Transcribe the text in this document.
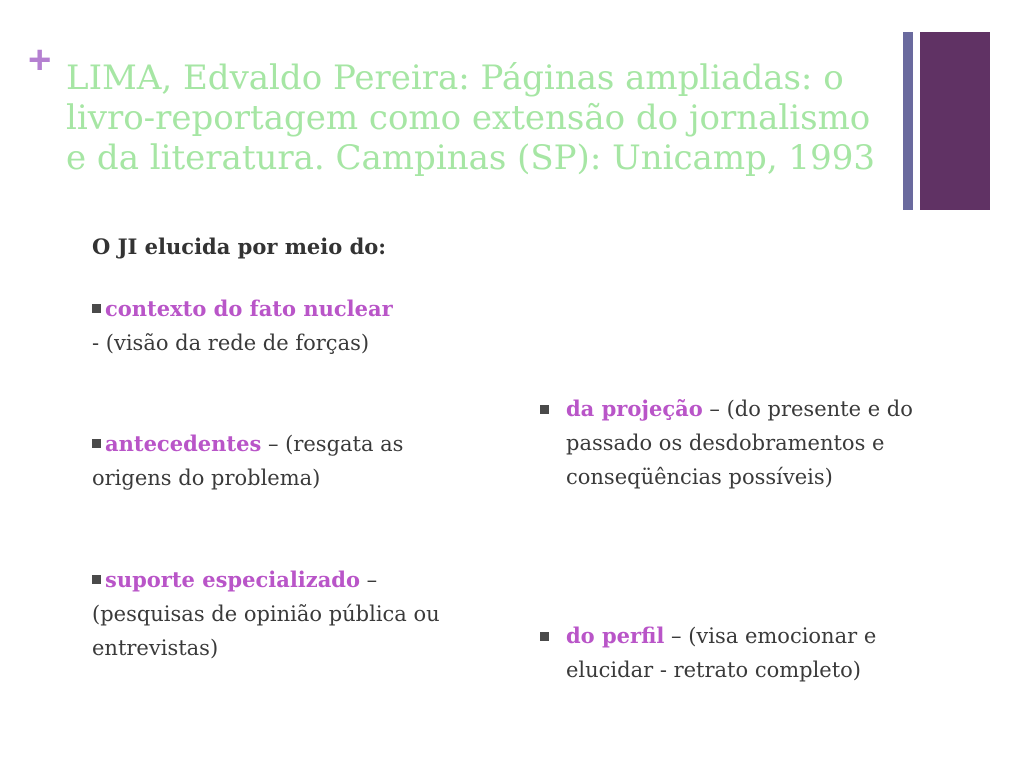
+ LIMA, Edvaldo Pereira: Páginas ampliadas: o livro-reportagem como extensão do jornalismo e da literatura. Campinas (SP): Unicamp, 1993
O JI elucida por meio do:
contexto do fato nuclear
- (visão da rede de forças)
antecedentes – (resgata as origens do problema)
suporte especializado – (pesquisas de opinião pública ou entrevistas)
da projeção – (do presente e do passado os desdobramentos e conseqüências possíveis)
do perfil – (visa emocionar e elucidar - retrato completo)
